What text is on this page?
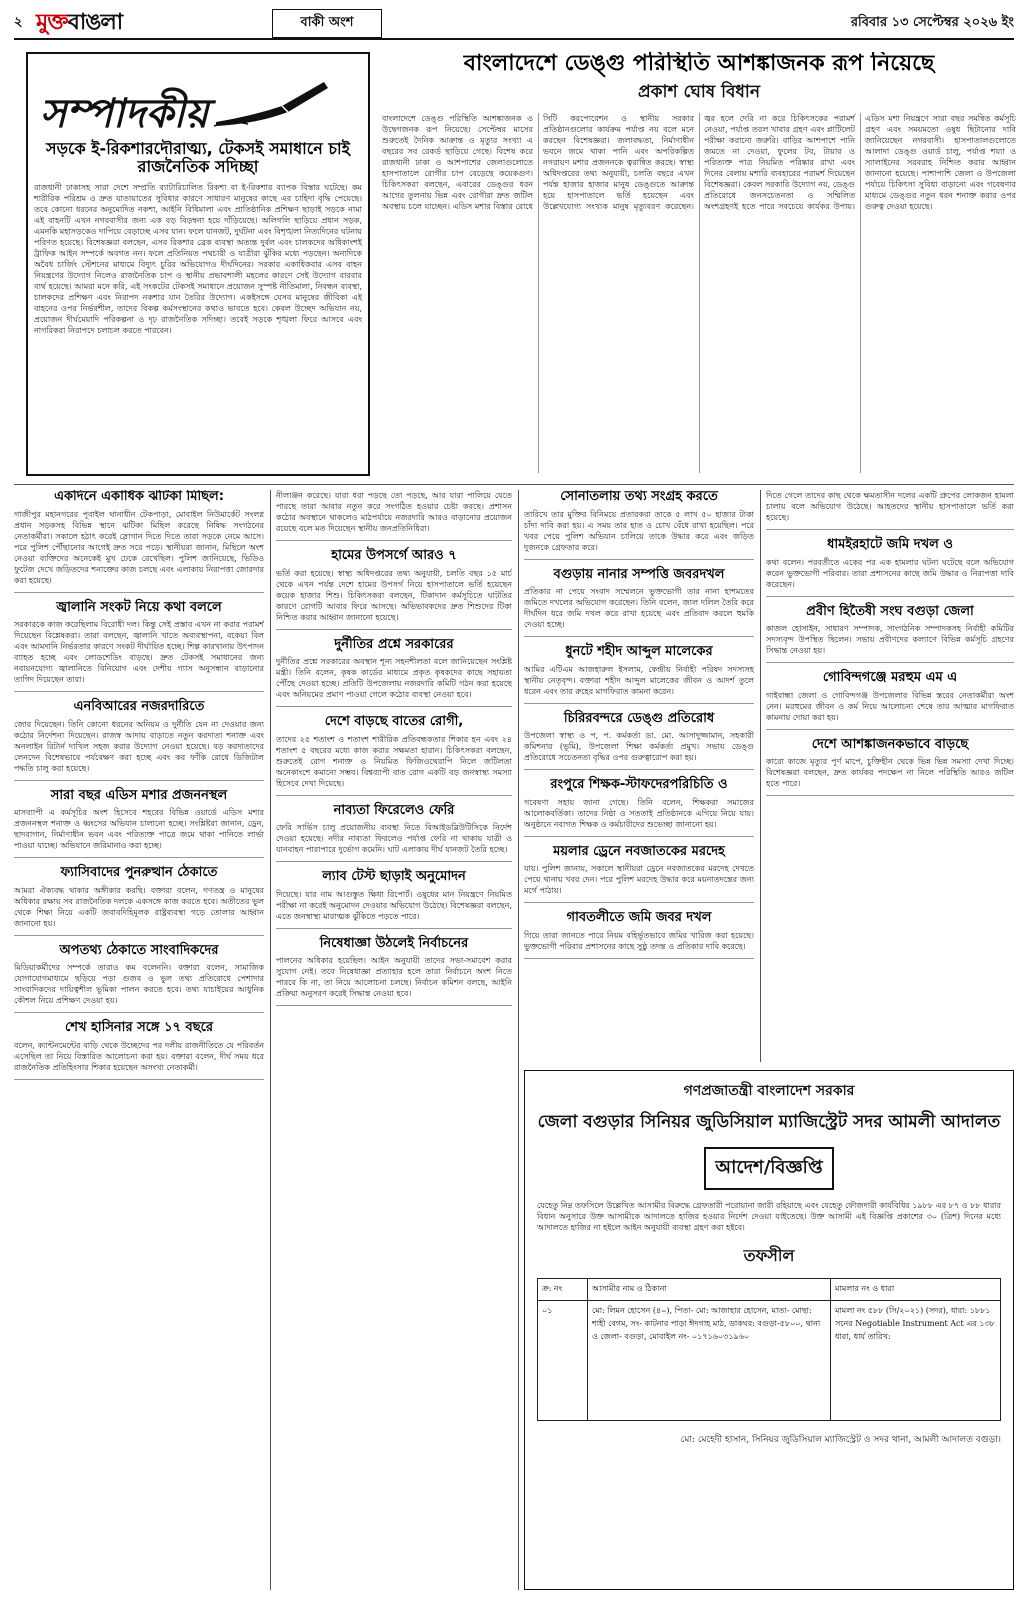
২ মুক্তবাঙলা	বাকী অংশ	রবিবার ১৩ সেপ্টেম্বর ২০২৬ ইং
সম্পাদকীয়
সড়কে ই-রিকশারদৌরাত্ম্য, টেকসই সমাধানে চাই রাজনৈতিক সদিচ্ছা
রাজধানী ঢাকাসহ সারা দেশে সম্প্রতি ব্যাটারিচালিত রিকশা বা ই-রিকশার ব্যাপক বিস্তার ঘটেছে। কম শারীরিক পরিশ্রম ও দ্রুত যাতায়াতের সুবিধার কারণে সাধারণ মানুষের কাছে এর চাহিদা বৃদ্ধি পেয়েছে। তবে কোনো ধরনের অনুমোদিত নকশা, আইনি বিধিমালা এবং প্রাতিষ্ঠানিক প্রশিক্ষণ ছাড়াই সড়কে নামা এই বাহনটি এখন নগরবাসীর জন্য এক বড় বিড়ম্বনা হয়ে দাঁড়িয়েছে। অলিগলি ছাড়িয়ে প্রধান সড়ক, এমনকি মহাসড়কেও দাপিয়ে বেড়াচ্ছে এসব যান। ফলে যানজট, দুর্ঘটনা এবং বিশৃঙ্খলা নিত্যদিনের ঘটনায় পরিণত হয়েছে। বিশেষজ্ঞরা বলছেন, এসব রিকশার ব্রেক ব্যবস্থা অত্যন্ত দুর্বল এবং চালকদের অধিকাংশই ট্রাফিক আইন সম্পর্কে অবগত নন। ফলে প্রতিনিয়ত পথচারী ও যাত্রীরা ঝুঁকির মধ্যে পড়ছেন। অন্যদিকে অবৈধ চার্জিং স্টেশনের মাধ্যমে বিদ্যুৎ চুরির অভিযোগও দীর্ঘদিনের। সরকার একাধিকবার এসব বাহন নিয়ন্ত্রণের উদ্যোগ নিলেও রাজনৈতিক চাপ ও স্থানীয় প্রভাবশালী মহলের কারণে সেই উদ্যোগ বারবার ব্যর্থ হয়েছে। আমরা মনে করি, এই সংকটের টেকসই সমাধানে প্রয়োজন সুস্পষ্ট নীতিমালা, নিবন্ধন ব্যবস্থা, চালকদের প্রশিক্ষণ এবং নিরাপদ নকশার যান তৈরির উদ্যোগ। একইসঙ্গে যেসব মানুষের জীবিকা এই বাহনের ওপর নির্ভরশীল, তাদের বিকল্প কর্মসংস্থানের কথাও ভাবতে হবে। কেবল উচ্ছেদ অভিযান নয়, প্রয়োজন দীর্ঘমেয়াদি পরিকল্পনা ও দৃঢ় রাজনৈতিক সদিচ্ছা। তবেই সড়কে শৃঙ্খলা ফিরে আসবে এবং নাগরিকরা নিরাপদে চলাচল করতে পারবেন।
বাংলাদেশে ডেঙ্গু পরিস্থিতি আশঙ্কাজনক রূপ নিয়েছে
প্রকাশ ঘোষ বিধান
বাংলাদেশে ডেঙ্গু পরিস্থিতি আশঙ্কাজনক ও উদ্বেগজনক রূপ নিয়েছে। সেপ্টেম্বর মাসের শুরুতেই দৈনিক আক্রান্ত ও মৃত্যুর সংখ্যা এ বছরের সব রেকর্ড ছাড়িয়ে গেছে। বিশেষ করে রাজধানী ঢাকা ও আশপাশের জেলাগুলোতে হাসপাতালে রোগীর চাপ বেড়েছে কয়েকগুণ। চিকিৎসকরা বলছেন, এবারের ডেঙ্গুর ধরন আগের তুলনায় ভিন্ন এবং রোগীরা দ্রুত জটিল অবস্থায় চলে যাচ্ছেন। এডিস মশার বিস্তার রোধে সিটি করপোরেশন ও স্থানীয় সরকার প্রতিষ্ঠানগুলোর কার্যক্রম পর্যাপ্ত নয় বলে মনে করছেন বিশেষজ্ঞরা। জলাবদ্ধতা, নির্মাণাধীন ভবনে জমে থাকা পানি এবং অপরিকল্পিত নগরায়ণ মশার প্রজননকে ত্বরান্বিত করছে। স্বাস্থ্য অধিদপ্তরের তথ্য অনুযায়ী, চলতি বছরে এখন পর্যন্ত হাজার হাজার মানুষ ডেঙ্গুতে আক্রান্ত হয়ে হাসপাতালে ভর্তি হয়েছেন এবং উল্লেখযোগ্য সংখ্যক মানুষ মৃত্যুবরণ করেছেন। জ্বর হলে দেরি না করে চিকিৎসকের পরামর্শ নেওয়া, পর্যাপ্ত তরল খাবার গ্রহণ এবং প্লাটিলেট পরীক্ষা করানো জরুরি। বাড়ির আশপাশে পানি জমতে না দেওয়া, ফুলের টব, টায়ার ও পরিত্যক্ত পাত্র নিয়মিত পরিষ্কার রাখা এবং দিনের বেলায় মশারি ব্যবহারের পরামর্শ দিয়েছেন বিশেষজ্ঞরা। কেবল সরকারি উদ্যোগ নয়, ডেঙ্গু প্রতিরোধে জনসচেতনতা ও সম্মিলিত অংশগ্রহণই হতে পারে সবচেয়ে কার্যকর উপায়। এডিস মশা নিয়ন্ত্রণে সারা বছর সমন্বিত কর্মসূচি গ্রহণ এবং সময়মতো ওষুধ ছিটানোর দাবি জানিয়েছেন নগরবাসী। হাসপাতালগুলোতে আলাদা ডেঙ্গু ওয়ার্ড চালু, পর্যাপ্ত শয্যা ও স্যালাইনের সরবরাহ নিশ্চিত করার আহ্বান জানানো হয়েছে। পাশাপাশি জেলা ও উপজেলা পর্যায়ে চিকিৎসা সুবিধা বাড়ানো এবং গবেষণার মাধ্যমে ডেঙ্গুর নতুন ধরন শনাক্ত করার ওপর গুরুত্ব দেওয়া হয়েছে।
একদিনে একাধিক ঝটিকা মিছিল:
গাজীপুর মহানগরের পূবাইল থানাধীন টেকপাড়া, মোবাইল নিউমার্কেট সংলগ্ন প্রধান সড়কসহ বিভিন্ন স্থানে ঝটিকা মিছিল করেছে নিষিদ্ধ সংগঠনের নেতাকর্মীরা। সকালে হঠাৎ করেই স্লোগান দিতে দিতে তারা সড়কে নেমে আসে। পরে পুলিশ পৌঁছানোর আগেই দ্রুত সরে পড়ে। স্থানীয়রা জানান, মিছিলে অংশ নেওয়া ব্যক্তিদের অনেকেই মুখ ঢেকে রেখেছিল। পুলিশ জানিয়েছে, ভিডিও ফুটেজ দেখে জড়িতদের শনাক্তের কাজ চলছে এবং এলাকায় নিরাপত্তা জোরদার করা হয়েছে।
জ্বালানি সংকট নিয়ে কথা বললে
সরকারকে কাজ করেছিলাম বিরোধী দল। কিন্তু সেই প্রস্তাব এখন না করার পরামর্শ দিয়েছেন বিশ্লেষকরা। তারা বলছেন, জ্বালানি খাতে অব্যবস্থাপনা, বকেয়া বিল এবং আমদানি নির্ভরতার কারণে সংকট দীর্ঘায়িত হচ্ছে। শিল্প কারখানায় উৎপাদন ব্যাহত হচ্ছে এবং লোডশেডিং বাড়ছে। দ্রুত টেকসই সমাধানের জন্য নবায়নযোগ্য জ্বালানিতে বিনিয়োগ এবং দেশীয় গ্যাস অনুসন্ধান বাড়ানোর তাগিদ দিয়েছেন তারা।
এনবিআরের নজরদারিতে
জোর দিয়েছেন। তিনি কোনো ধরনের অনিয়ম ও দুর্নীতি যেন না দেওয়ার জন্য কঠোর নির্দেশনা দিয়েছেন। রাজস্ব আদায় বাড়াতে নতুন করদাতা শনাক্ত এবং অনলাইন রিটার্ন দাখিল সহজ করার উদ্যোগ নেওয়া হয়েছে। বড় করদাতাদের লেনদেন বিশেষভাবে পর্যবেক্ষণ করা হচ্ছে এবং কর ফাঁকি রোধে ডিজিটাল পদ্ধতি চালু করা হয়েছে।
সারা বছর এডিস মশার প্রজননস্থল
মাসব্যাপী এ কর্মসূচির অংশ হিসেবে শহরের বিভিন্ন ওয়ার্ডে এডিস মশার প্রজননস্থল শনাক্ত ও ধ্বংসের অভিযান চালানো হচ্ছে। সংশ্লিষ্টরা জানান, ড্রেন, ছাদবাগান, নির্মাণাধীন ভবন এবং পরিত্যক্ত পাত্রে জমে থাকা পানিতে লার্ভা পাওয়া যাচ্ছে। অভিযানে জরিমানাও করা হচ্ছে।
ফ্যাসিবাদের পুনরুত্থান ঠেকাতে
আমরা ঐক্যবদ্ধ থাকার অঙ্গীকার করছি। বক্তারা বলেন, গণতন্ত্র ও মানুষের অধিকার রক্ষায় সব রাজনৈতিক দলকে একসঙ্গে কাজ করতে হবে। অতীতের ভুল থেকে শিক্ষা নিয়ে একটি জবাবদিহিমূলক রাষ্ট্রব্যবস্থা গড়ে তোলার আহ্বান জানানো হয়।
অপতথ্য ঠেকাতে সাংবাদিকদের
মিডিয়াকর্মীদের সম্পর্কে তারাও কম বলেননি। বক্তারা বলেন, সামাজিক যোগাযোগমাধ্যমে ছড়িয়ে পড়া গুজব ও ভুল তথ্য প্রতিরোধে পেশাদার সাংবাদিকদের দায়িত্বশীল ভূমিকা পালন করতে হবে। তথ্য যাচাইয়ের আধুনিক কৌশল নিয়ে প্রশিক্ষণ দেওয়া হয়।
শেখ হাসিনার সঙ্গে ১৭ বছরে
বলেন, ক্যান্টনমেন্টের বাড়ি থেকে উচ্ছেদের পর দলীয় রাজনীতিতে যে পরিবর্তন এসেছিল তা নিয়ে বিস্তারিত আলোচনা করা হয়। বক্তারা বলেন, দীর্ঘ সময় ধরে রাজনৈতিক প্রতিহিংসার শিকার হয়েছেন অসংখ্য নেতাকর্মী।
নীলাঞ্জন করেছে। যারা ধরা পড়ছে তো পড়ছে, আর যারা পালিয়ে যেতে পারছে তারা আবার নতুন করে সংগঠিত হওয়ার চেষ্টা করছে। প্রশাসন কঠোর অবস্থানে থাকলেও মাঠপর্যায়ে নজরদারি আরও বাড়ানোর প্রয়োজন রয়েছে বলে মত দিয়েছেন স্থানীয় জনপ্রতিনিধিরা।
হামের উপসর্গে আরও ৭
ভর্তি করা হয়েছে। স্বাস্থ্য অধিদপ্তরের তথ্য অনুযায়ী, চলতি বছর ১৫ মার্চ থেকে এখন পর্যন্ত দেশে হামের উপসর্গ নিয়ে হাসপাতালে ভর্তি হয়েছেন কয়েক হাজার শিশু। চিকিৎসকরা বলছেন, টিকাদান কর্মসূচিতে ঘাটতির কারণে রোগটি আবার ফিরে আসছে। অভিভাবকদের দ্রুত শিশুদের টিকা নিশ্চিত করার আহ্বান জানানো হয়েছে।
দুর্নীতির প্রশ্নে সরকারের
দুর্নীতির প্রশ্নে সরকারের অবস্থান শূন্য সহনশীলতা বলে জানিয়েছেন সংশ্লিষ্ট মন্ত্রী। তিনি বলেন, কৃষক কার্ডের মাধ্যমে প্রকৃত কৃষকদের কাছে সহায়তা পৌঁছে দেওয়া হচ্ছে। প্রতিটি উপজেলায় নজরদারি কমিটি গঠন করা হয়েছে এবং অনিয়মের প্রমাণ পাওয়া গেলে কঠোর ব্যবস্থা নেওয়া হবে।
দেশে বাড়ছে বাতের রোগী,
তাদের ২৫ শতাংশ ও শতাংশ শারীরিক প্রতিবন্ধকতার শিকার হন এবং ২৪ শতাংশ ৫ বছরের মধ্যে কাজ করার সক্ষমতা হারান। চিকিৎসকরা বলছেন, শুরুতেই রোগ শনাক্ত ও নিয়মিত ফিজিওথেরাপি নিলে জটিলতা অনেকাংশে কমানো সম্ভব। বিশ্বব্যাপী বাত রোগ একটি বড় জনস্বাস্থ্য সমস্যা হিসেবে দেখা দিয়েছে।
নাব্যতা ফিরেলেও ফেরি
ফেরি সার্ভিস চালু প্রয়োজনীয় ব্যবস্থা নিতে বিআইডব্লিউটিসিকে নির্দেশ দেওয়া হয়েছে। নদীর নাব্যতা ফিরলেও পর্যাপ্ত ফেরি না থাকায় যাত্রী ও যানবাহন পারাপারে দুর্ভোগ কমেনি। ঘাট এলাকায় দীর্ঘ যানজট তৈরি হচ্ছে।
ল্যাব টেস্ট ছাড়াই অনুমোদন
দিয়েছে। যার নাম আগুস্তুত ক্ষিধা রিপোর্ট। ওষুধের মান নিয়ন্ত্রণে নিয়মিত পরীক্ষা না করেই অনুমোদন দেওয়ার অভিযোগ উঠেছে। বিশেষজ্ঞরা বলছেন, এতে জনস্বাস্থ্য মারাত্মক ঝুঁকিতে পড়তে পারে।
নিষেধাজ্ঞা উঠলেই নির্বাচনের
পালনের অধিকার হয়েছিল। আইন অনুযায়ী তাদের সভা-সমাবেশ করার সুযোগ নেই। তবে নিষেধাজ্ঞা প্রত্যাহার হলে তারা নির্বাচনে অংশ নিতে পারবে কি না, তা নিয়ে আলোচনা চলছে। নির্বাচন কমিশন বলছে, আইনি প্রক্রিয়া অনুসরণ করেই সিদ্ধান্ত নেওয়া হবে।
সোনাতলায় তথ্য সংগ্রহ করতে
তারিখে তার মুক্তির বিনিময়ে প্রতারকরা তাকে ৫ লাখ ৫০ হাজার টাকা চাঁদা দাবি করা হয়। এ সময় তার হাত ও চোখ বেঁধে রাখা হয়েছিল। পরে খবর পেয়ে পুলিশ অভিযান চালিয়ে তাকে উদ্ধার করে এবং জড়িত দুজনকে গ্রেফতার করে।
বগুড়ায় নানার সম্পত্তি জবরদখল
প্রতিকার না পেয়ে সংবাদ সম্মেলনে ভুক্তভোগী তার নানা হাশমতের জমিতে দখলের অভিযোগ করেছেন। তিনি বলেন, জাল দলিল তৈরি করে দীর্ঘদিন ধরে জমি দখল করে রাখা হয়েছে এবং প্রতিবাদ করলে হুমকি দেওয়া হচ্ছে।
ধুনটে শহীদ আব্দুল মালেকের
আমির এটিএম আজহারুল ইসলাম, কেন্দ্রীয় নির্বাহী পরিষদ সদস্যসহ স্থানীয় নেতৃবৃন্দ। বক্তারা শহীদ আব্দুল মালেকের জীবন ও আদর্শ তুলে ধরেন এবং তার রুহের মাগফিরাত কামনা করেন।
চিরিরবন্দরে ডেঙ্গু প্রতিরোধ
উপজেলা স্বাস্থ্য ও প, প. কর্মকর্তা ডা. মো. আসাদুজ্জামান, সহকারী কমিশনার (ভূমি), উপজেলা শিক্ষা কর্মকর্তা প্রমুখ। সভায় ডেঙ্গু প্রতিরোধে সচেতনতা বৃদ্ধির ওপর গুরুত্বারোপ করা হয়।
রংপুরে শিক্ষক-স্টাফদেরপরিচিতি ও
গবেষণা সহায় জানা গেছে। তিনি বলেন, শিক্ষকরা সমাজের আলোকবর্তিকা। তাদের নিষ্ঠা ও সততাই প্রতিষ্ঠানকে এগিয়ে নিয়ে যায়। অনুষ্ঠানে নবাগত শিক্ষক ও কর্মচারীদের শুভেচ্ছা জানানো হয়।
ময়লার ড্রেনে নবজাতকের মরদেহ
যায়। পুলিশ জানায়, সকালে স্থানীয়রা ড্রেনে নবজাতকের মরদেহ দেখতে পেয়ে থানায় খবর দেন। পরে পুলিশ মরদেহ উদ্ধার করে ময়নাতদন্তের জন্য মর্গে পাঠায়।
গাবতলীতে জমি জবর দখল
গিয়ে তারা জানতে পারে নিয়ম বহির্ভূতভাবে জমির খারিজ করা হয়েছে। ভুক্তভোগী পরিবার প্রশাসনের কাছে সুষ্ঠু তদন্ত ও প্রতিকার দাবি করেছে।
দিতে গেলে তাদের কাছ থেকে ক্ষমতাসীন দলের একটি গ্রুপের লোকজন হামলা চালায় বলে অভিযোগ উঠেছে। আহতদের স্থানীয় হাসপাতালে ভর্তি করা হয়েছে।
ধামইরহাটে জমি দখল ও
কথা বলেন। পরবর্তীতে একের পর এক হামলার ঘটনা ঘটেছে বলে অভিযোগ করেন ভুক্তভোগী পরিবার। তারা প্রশাসনের কাছে জমি উদ্ধার ও নিরাপত্তা দাবি করেছেন।
প্রবীণ হিতৈষী সংঘ বগুড়া জেলা
কাজল হোসাইন, সাধারণ সম্পাদক, সাংগঠনিক সম্পাদকসহ নির্বাহী কমিটির সদস্যবৃন্দ উপস্থিত ছিলেন। সভায় প্রবীণদের কল্যাণে বিভিন্ন কর্মসূচি গ্রহণের সিদ্ধান্ত নেওয়া হয়।
গোবিন্দগঞ্জে মরহুম এম এ
গাইবান্ধা জেলা ও গোবিন্দগঞ্জ উপজেলার বিভিন্ন স্তরের নেতাকর্মীরা অংশ নেন। মরহুমের জীবন ও কর্ম নিয়ে আলোচনা শেষে তার আত্মার মাগফিরাত কামনায় দোয়া করা হয়।
দেশে আশঙ্কাজনকভাবে বাড়ছে
কারো কাজে মৃত্যুর পূর্ণ মাপে, চুক্তিহীন থেকে ভিন্ন ভিন্ন সমস্যা দেখা দিচ্ছে। বিশেষজ্ঞরা বলছেন, দ্রুত কার্যকর পদক্ষেপ না নিলে পরিস্থিতি আরও জটিল হতে পারে।
গণপ্রজাতন্ত্রী বাংলাদেশ সরকার
জেলা বগুড়ার সিনিয়র জুডিসিয়াল ম্যাজিস্ট্রেট সদর আমলী আদালত
আদেশ/বিজ্ঞপ্তি
যেহেতু নিম্ন তফসিলে উল্লেখিত আসামীর বিরুদ্ধে গ্রেফতারী পরোয়ানা জারী রহিয়াছে এবং যেহেতু ফৌজদারী কার্যবিধির ১৯৮৮ এর ৮৭ ও ৮৮ ধারার বিধান অনুসারে উক্ত আসামীকে আদালতে হাজির হওয়ার নির্দেশ দেওয়া যাইতেছে। উক্ত আসামী এই বিজ্ঞপ্তি প্রকাশের ৩০ (ত্রিশ) দিনের মধ্যে আদালতে হাজির না হইলে আইন অনুযায়ী ব্যবস্থা গ্রহণ করা হইবে।
তফসীল
ক্র: নং	আসামীর নাম ও ঠিকানা	মামলার নং ও ধারা
০১	মো: লিমন হোসেন (৪০), পিতা- মো: আজাহার হোসেন, মাতা- মোছা: শাহী বেগম, সং- কাটনার পাড়া ঈদগাহ মাঠ, ডাকঘর: বগুড়া-৫৮০০, থানা ও জেলা- বগুড়া, মোবাইল নং- ০১৭১৬০৩১৯৬০	মামলা নং ৫৮৮ (সি/২০২১) (সদর), ধারা: ১৮৮১ সনের Negotiable Instrument Act এর ১৩৮ ধারা, ধার্য তারিখ:
মো: মেহেদী হাসান, সিনিয়র জুডিসিয়াল ম্যাজিস্ট্রেট ও সদর থানা, আমলী আদালত বগুড়া।
